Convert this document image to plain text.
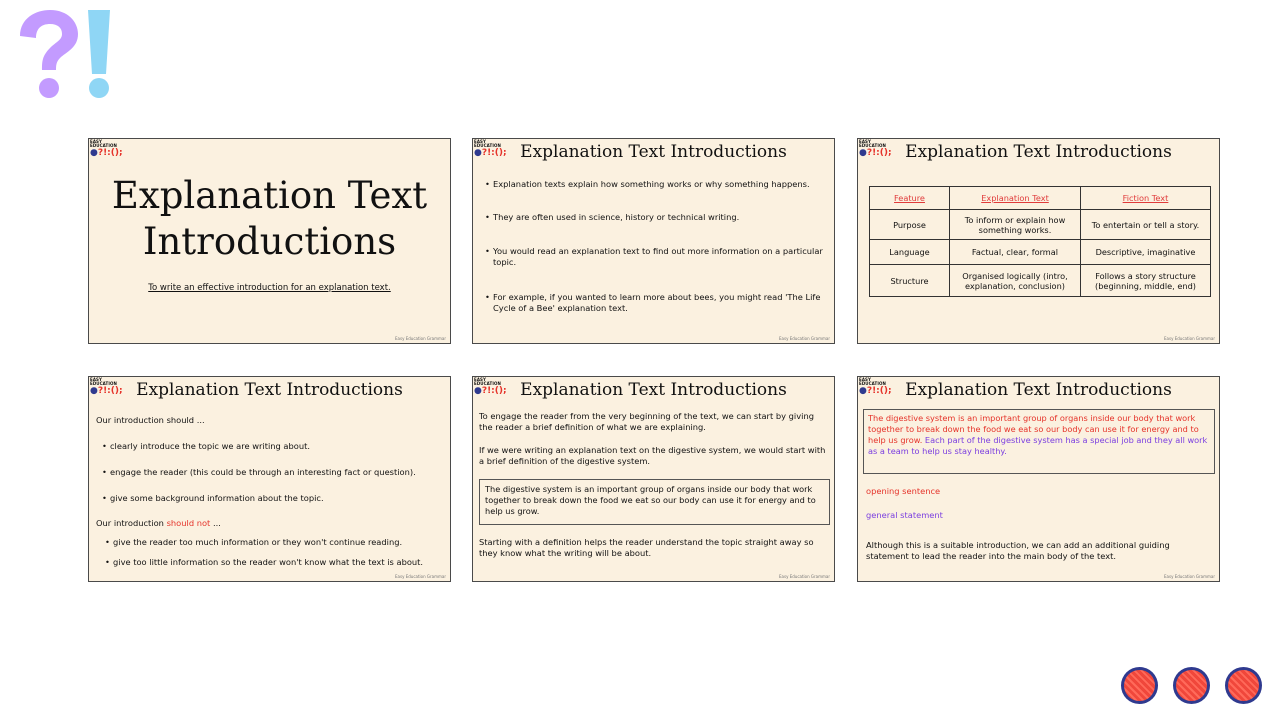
EASY EDUCATION
●?!:();
Explanation Text
Introductions
To write an effective introduction for an explanation text.
Easy Education Grammar
EASY EDUCATION
●?!:(); Explanation Text Introductions
• Explanation texts explain how something works or why something happens.
• They are often used in science, history or technical writing.
• You would read an explanation text to find out more information on a particular topic.
• For example, if you wanted to learn more about bees, you might read 'The Life Cycle of a Bee' explanation text.
Easy Education Grammar
EASY EDUCATION
●?!:(); Explanation Text Introductions
Feature	Explanation Text	Fiction Text
Purpose	To inform or explain how something works.	To entertain or tell a story.
Language	Factual, clear, formal	Descriptive, imaginative
Structure	Organised logically (intro, explanation, conclusion)	Follows a story structure (beginning, middle, end)
Easy Education Grammar
EASY EDUCATION
●?!:(); Explanation Text Introductions
Our introduction should ...
• clearly introduce the topic we are writing about.
• engage the reader (this could be through an interesting fact or question).
• give some background information about the topic.
Our introduction should not ...
• give the reader too much information or they won't continue reading.
• give too little information so the reader won't know what the text is about.
Easy Education Grammar
EASY EDUCATION
●?!:(); Explanation Text Introductions
To engage the reader from the very beginning of the text, we can start by giving the reader a brief definition of what we are explaining.
If we were writing an explanation text on the digestive system, we would start with a brief definition of the digestive system.
The digestive system is an important group of organs inside our body that work together to break down the food we eat so our body can use it for energy and to help us grow.
Starting with a definition helps the reader understand the topic straight away so they know what the writing will be about.
Easy Education Grammar
EASY EDUCATION
●?!:(); Explanation Text Introductions
The digestive system is an important group of organs inside our body that work together to break down the food we eat so our body can use it for energy and to help us grow. Each part of the digestive system has a special job and they all work as a team to help us stay healthy.
opening sentence
general statement
Although this is a suitable introduction, we can add an additional guiding statement to lead the reader into the main body of the text.
Easy Education Grammar
